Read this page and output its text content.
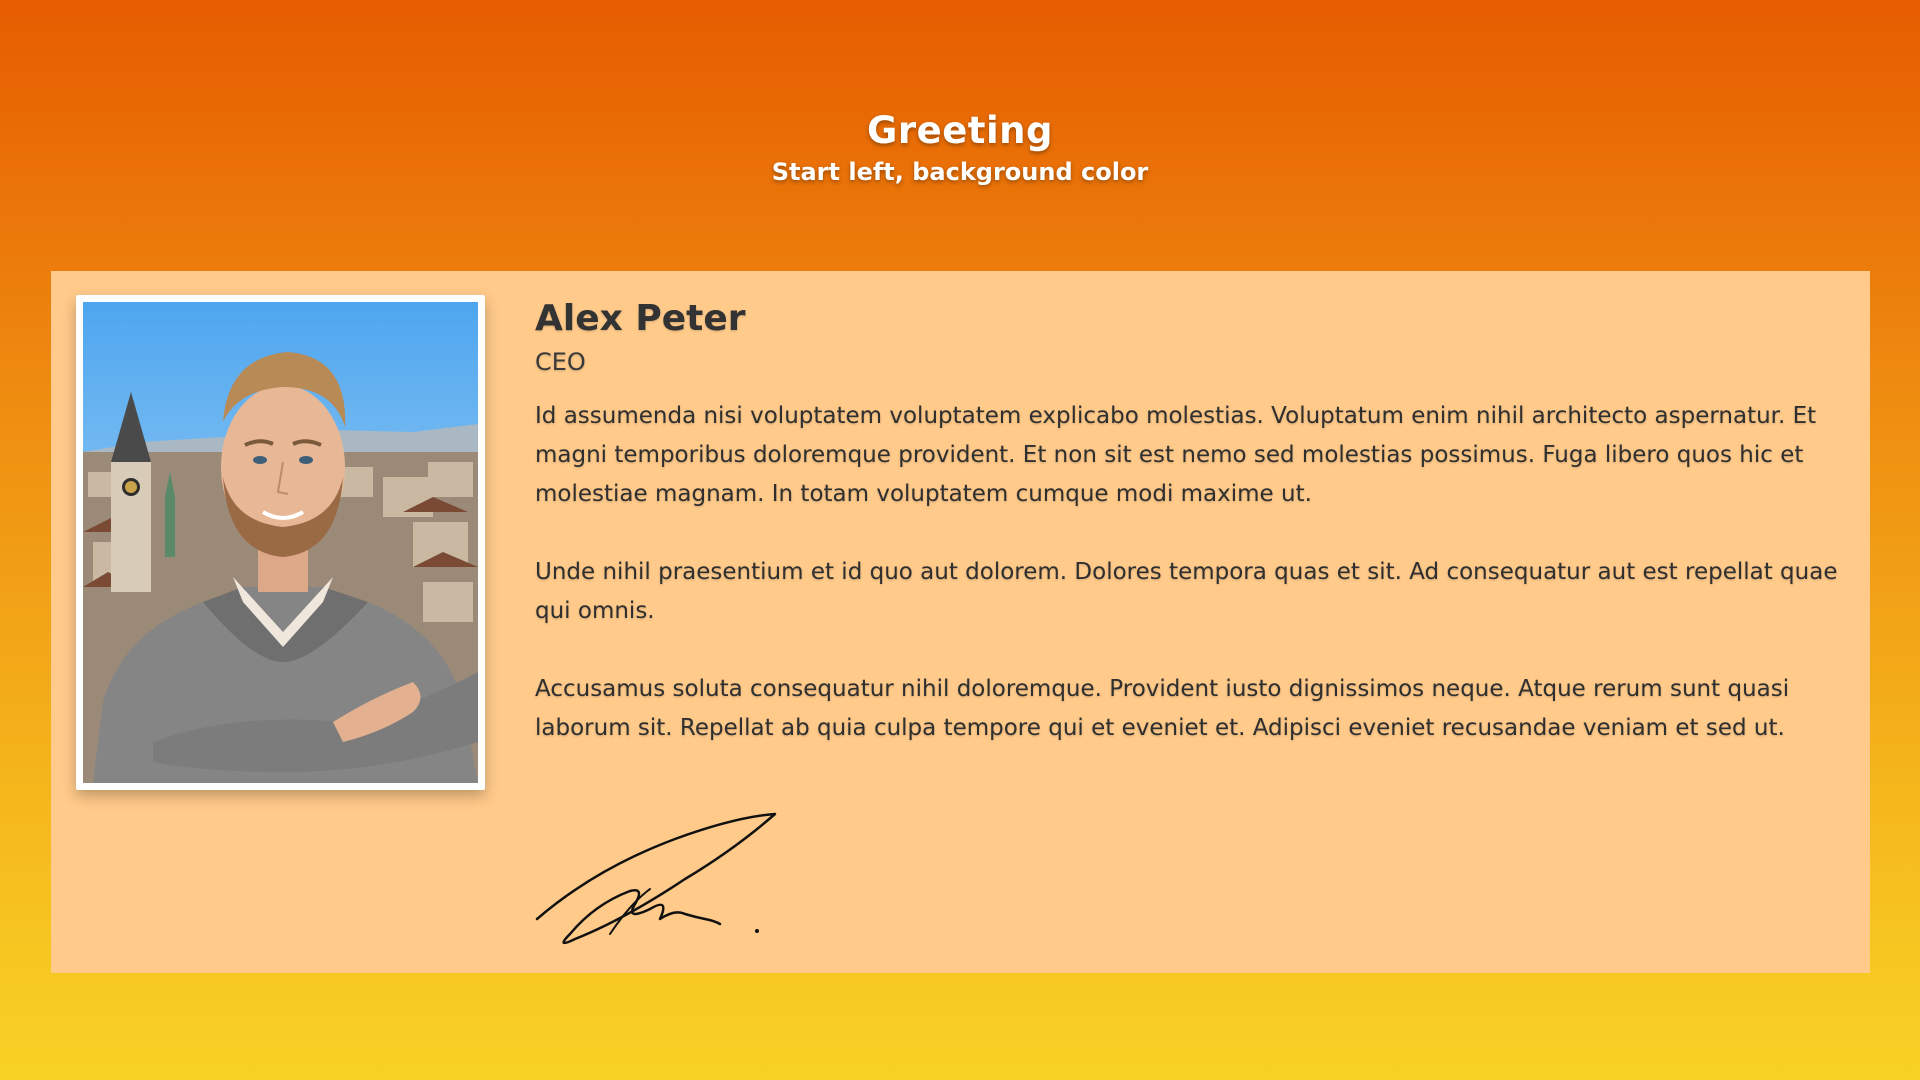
Greeting

Start left, background color

Alex Peter

CEO

Id assumenda nisi voluptatem voluptatem explicabo molestias. Voluptatum enim nihil architecto aspernatur. Et magni temporibus doloremque provident. Et non sit est nemo sed molestias possimus. Fuga libero quos hic et molestiae magnam. In totam voluptatem cumque modi maxime ut.

Unde nihil praesentium et id quo aut dolorem. Dolores tempora quas et sit. Ad consequatur aut est repellat quae qui omnis.

Accusamus soluta consequatur nihil doloremque. Provident iusto dignissimos neque. Atque rerum sunt quasi laborum sit. Repellat ab quia culpa tempore qui et eveniet et. Adipisci eveniet recusandae veniam et sed ut.
